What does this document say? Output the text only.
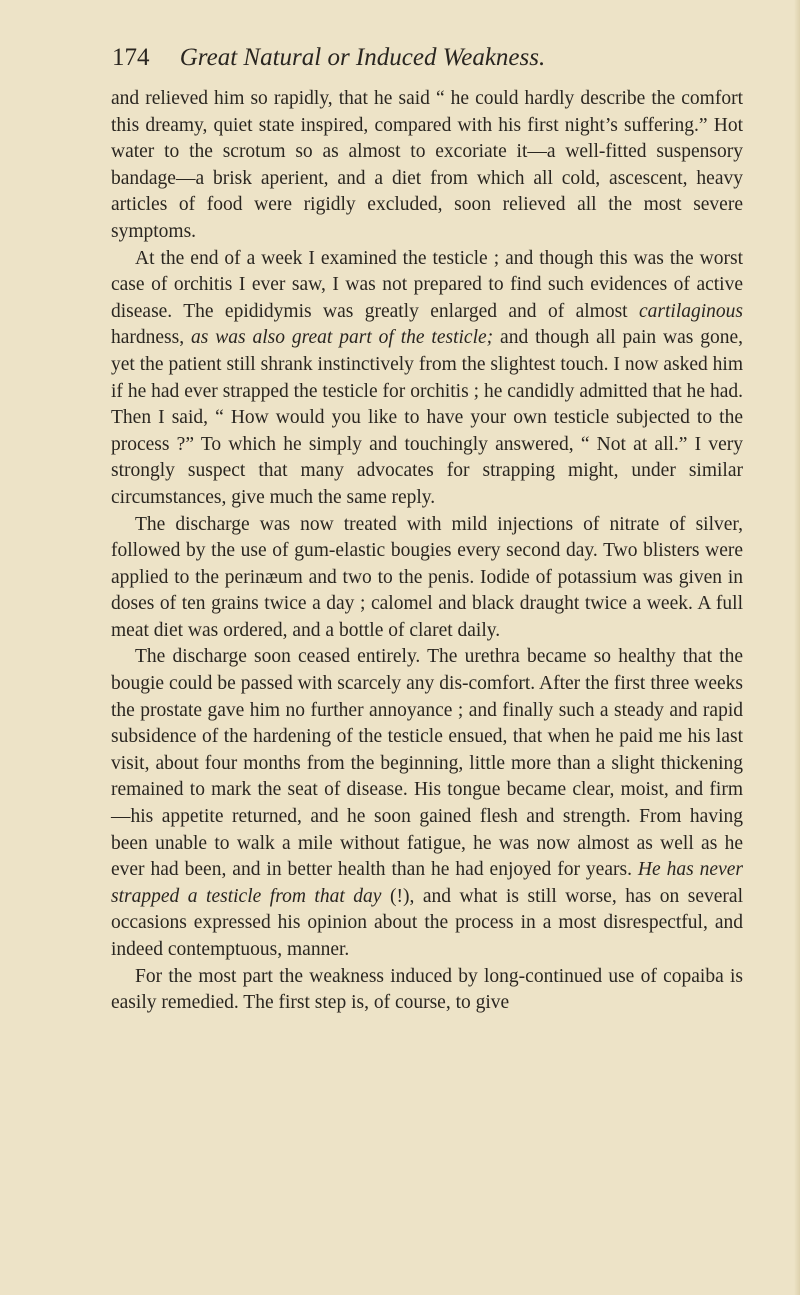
174 Great Natural or Induced Weakness.

and relieved him so rapidly, that he said “ he could hardly describe the comfort this dreamy, quiet state inspired, compared with his first night’s suffering.” Hot water to the scrotum so as almost to excoriate it—a well-fitted suspensory bandage—a brisk aperient, and a diet from which all cold, ascescent, heavy articles of food were rigidly excluded, soon relieved all the most severe symptoms.

At the end of a week I examined the testicle ; and though this was the worst case of orchitis I ever saw, I was not prepared to find such evidences of active disease. The epididymis was greatly enlarged and of almost cartilaginous hardness, as was also great part of the testicle; and though all pain was gone, yet the patient still shrank instinctively from the slightest touch. I now asked him if he had ever strapped the testicle for orchitis ; he candidly admitted that he had. Then I said, “ How would you like to have your own testicle subjected to the process ?” To which he simply and touchingly answered, “ Not at all.” I very strongly suspect that many advocates for strapping might, under similar circumstances, give much the same reply.

The discharge was now treated with mild injections of nitrate of silver, followed by the use of gum-elastic bougies every second day. Two blisters were applied to the perinæum and two to the penis. Iodide of potassium was given in doses of ten grains twice a day ; calomel and black draught twice a week. A full meat diet was ordered, and a bottle of claret daily.

The discharge soon ceased entirely. The urethra became so healthy that the bougie could be passed with scarcely any dis-comfort. After the first three weeks the prostate gave him no further annoyance ; and finally such a steady and rapid subsidence of the hardening of the testicle ensued, that when he paid me his last visit, about four months from the beginning, little more than a slight thickening remained to mark the seat of disease. His tongue became clear, moist, and firm—his appetite returned, and he soon gained flesh and strength. From having been unable to walk a mile without fatigue, he was now almost as well as he ever had been, and in better health than he had enjoyed for years. He has never strapped a testicle from that day (!), and what is still worse, has on several occasions expressed his opinion about the process in a most disrespectful, and indeed contemptuous, manner.

For the most part the weakness induced by long-continued use of copaiba is easily remedied. The first step is, of course, to give
